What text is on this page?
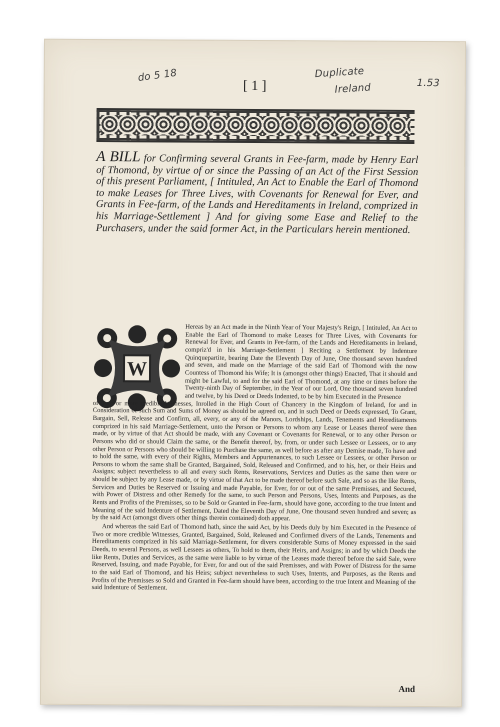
do 5 18	Duplicate
Ireland	1.53
[ 1 ]
A BILL for Confirming several Grants in Fee-farm, made by Henry Earl of Thomond, by virtue of or since the Passing of an Act of the First Session of this present Parliament, [ Intituled, An Act to Enable the Earl of Thomond to make Leases for Three Lives, with Covenants for Renewal for Ever, and Grants in Fee-farm, of the Lands and Hereditaments in Ireland, comprized in his Marriage-Settlement ] And for giving some Ease and Relief to the Purchasers, under the said former Act, in the Particulars herein mentioned.
W

Hereas by an Act made in the Ninth Year of Your Majesty's Reign, [ Intituled, An Act to Enable the Earl of Thomond to make Leases for Three Lives, with Covenants for Renewal for Ever, and Grants in Fee-farm, of the Lands and Hereditaments in Ireland, compriz'd in his Marriage-Settlement ] Reciting a Settlement by Indenture Quinquepartite, bearing Date the Eleventh Day of June, One thousand seven hundred and seven, and made on the Marriage of the said Earl of Thomond with the now Countess of Thomond his Wife; It is (amongst other things) Enacted, That it should and might be Lawful, to and for the said Earl of Thomond, at any time or times before the Twenty-ninth Day of September, in the Year of our Lord, One thousand seven hundred and twelve, by his Deed or Deeds Indented, to be by him Executed in the Presence

of Two or more credible Witnesses, Inrolled in the High Court of Chancery in the Kingdom of Ireland, for and in Consideration of such Sum and Sums of Money as should be agreed on, and in such Deed or Deeds expressed, To Grant, Bargain, Sell, Release and Confirm, all, every, or any of the Manors, Lordships, Lands, Tenements and Hereditaments comprized in his said Marriage-Settlement, unto the Person or Persons to whom any Lease or Leases thereof were then made, or by virtue of that Act should be made, with any Covenant or Covenants for Renewal, or to any other Person or Persons who did or should Claim the same, or the Benefit thereof, by, from, or under such Lessee or Lessees, or to any other Person or Persons who should be willing to Purchase the same, as well before as after any Demise made, To have and to hold the same, with every of their Rights, Members and Appurtenances, to such Lessee or Lessees, or other Person or Persons to whom the same shall be Granted, Bargained, Sold, Released and Confirmed, and to his, her, or their Heirs and Assigns; subject nevertheless to all and every such Rents, Reservations, Services and Duties as the same then were or should be subject by any Lease made, or by virtue of that Act to be made thereof before such Sale, and so as the like Rents, Services and Duties be Reserved or Issuing and made Payable, for Ever, for or out of the same Premisses, and Secured, with Power of Distress and other Remedy for the same, to such Person and Persons, Uses, Intents and Purposes, as the Rents and Profits of the Premisses, so to be Sold or Granted in Fee-farm, should have gone, according to the true Intent and Meaning of the said Indenture of Settlement, Dated the Eleventh Day of June, One thousand seven hundred and seven; as by the said Act (amongst divers other things therein contained) doth appear.

And whereas the said Earl of Thomond hath, since the said Act, by his Deeds duly by him Executed in the Presence of Two or more credible Witnesses, Granted, Bargained, Sold, Released and Confirmed divers of the Lands, Tenements and Hereditaments comprized in his said Marriage-Settlement, for divers considerable Sums of Money expressed in the said Deeds, to several Persons, as well Lessees as others, To hold to them, their Heirs, and Assigns; in and by which Deeds the like Rents, Duties and Services, as the same were liable to by virtue of the Leases made thereof before the said Sale, were Reserved, Issuing, and made Payable, for Ever, for and out of the said Premisses, and with Power of Distress for the same to the said Earl of Thomond, and his Heirs; subject nevertheless to such Uses, Intents, and Purposes, as the Rents and Profits of the Premisses so Sold and Granted in Fee-farm should have been, according to the true Intent and Meaning of the said Indenture of Settlement.

And
